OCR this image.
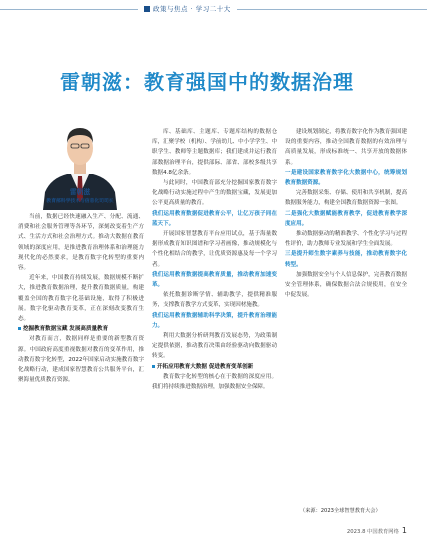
政策与焦点 · 学习二十大
雷朝滋：教育强国中的数据治理
雷朝滋
教育部科学技术与信息化司司长

当前，数据已经快速融入生产、分配、流通、消费和社会服务管理等各环节，深刻改变着生产方式、生活方式和社会治理方式。推动大数据在教育领域的深度应用，是推进教育治理体系和治理能力现代化的必然要求，是教育数字化转型的重要内容。

近年来，中国教育持续发展，数据规模不断扩大，推进教育数据治理，提升教育数据质量，构建覆盖全国的教育数字化基础设施，取得了积极进展。数字化驱动教育变革，正在深刻改变教育生态。

挖掘教育数据宝藏 发展高质量教育

对教育而言，数据同样是重要的新型教育资源。中国政府高度重视数据对教育的变革作用，推动教育数字化转型，2022年国家启动实施教育数字化战略行动，建成国家智慧教育公共服务平台，汇聚海量优质教育资源。

库、基础库、主题库、专题库结构的数据仓库，汇聚学校（机构）、学前幼儿、中小学学生、中职学生、教师等主题数据库；我们建成并运行教育部数据治理平台，提供部际、部省、部校多级共享数据4.8亿余条。

与此同时，中国教育部充分挖掘国家教育数字化战略行动实施过程中产生的数据宝藏，发展更加公平更高质量的教育。

我们运用教育数据促进教育公平，让亿万孩子同在蓝天下。

开展国家智慧教育平台应用试点，基于海量数据形成教育知识图谱和学习者画像，推动规模化与个性化相结合的教学，让优质资源惠及每一个学习者。

我们运用教育数据提高教育质量，推动教育加速变革。

依托数据诊断学情、辅助教学，提供精准服务，支撑教育教学方式变革，实现因材施教。

我们运用教育数据辅助科学决策，提升教育治理能力。

利用大数据分析研判教育发展态势，为政策制定提供依据，推动教育决策由经验驱动向数据驱动转变。

开拓应用教育大数据 促进教育变革创新

教育数字化转型的核心在于数据的深度应用。我们将持续推进数据治理，加强数据安全保障。

建设规划制定，将教育数字化作为教育强国建设的重要内容，推动全国教育数据的有效治理与高质量发展，形成标准统一、共享开放的数据体系。

一是建设国家教育数字化大数据中心，统筹规划教育数据资源。

完善数据采集、存储、使用和共享机制，提高数据服务能力，构建全国教育数据资源一张图。

二是强化大数据赋能教育教学，促进教育教学深度应用。

推动数据驱动的精准教学、个性化学习与过程性评价，助力教师专业发展和学生全面发展。

三是提升师生数字素养与技能，推动教育数字化转型。

加强数据安全与个人信息保护，完善教育数据安全管理体系，确保数据合法合规使用，在安全中促发展。

（来源：2023全球智慧教育大会）
2023.8 中国教育网络 1
